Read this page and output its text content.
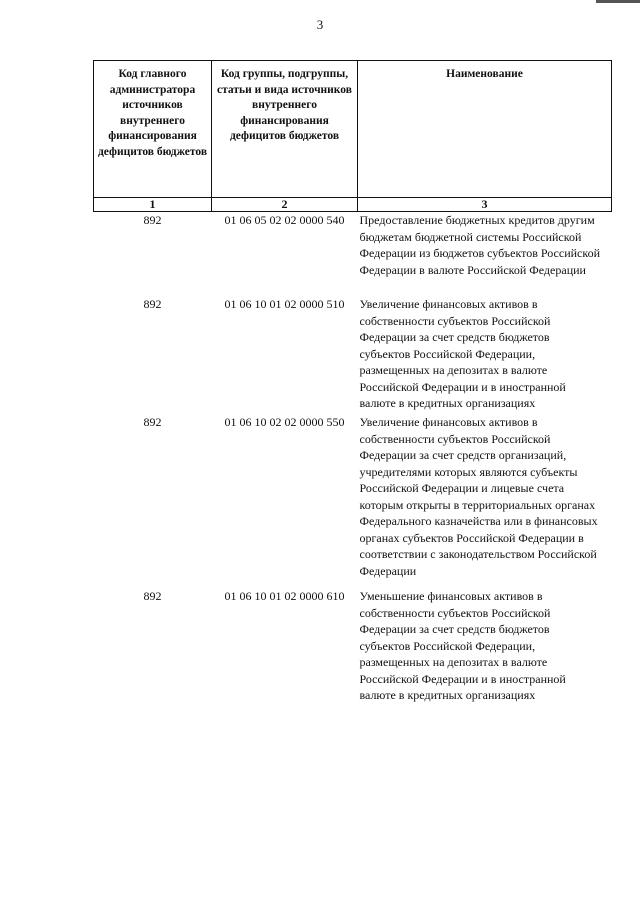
3
Код главного администратора источников внутреннего финансирования дефицитов бюджетов	Код группы, подгруппы, статьи и вида источников внутреннего финансирования дефицитов бюджетов	Наименование
1	2	3
892	01 06 05 02 02 0000 540	Предоставление бюджетных кредитов другим бюджетам бюджетной системы Российской Федерации из бюджетов субъектов Российской Федерации в валюте Российской Федерации
892	01 06 10 01 02 0000 510	Увеличение финансовых активов в собственности субъектов Российской Федерации за счет средств бюджетов субъектов Российской Федерации, размещенных на депозитах в валюте Российской Федерации и в иностранной валюте в кредитных организациях
892	01 06 10 02 02 0000 550	Увеличение финансовых активов в собственности субъектов Российской Федерации за счет средств организаций, учредителями которых являются субъекты Российской Федерации и лицевые счета которым открыты в территориальных органах Федерального казначейства или в финансовых органах субъектов Российской Федерации в соответствии с законодательством Российской Федерации
892	01 06 10 01 02 0000 610	Уменьшение финансовых активов в собственности субъектов Российской Федерации за счет средств бюджетов субъектов Российской Федерации, размещенных на депозитах в валюте Российской Федерации и в иностранной валюте в кредитных организациях
